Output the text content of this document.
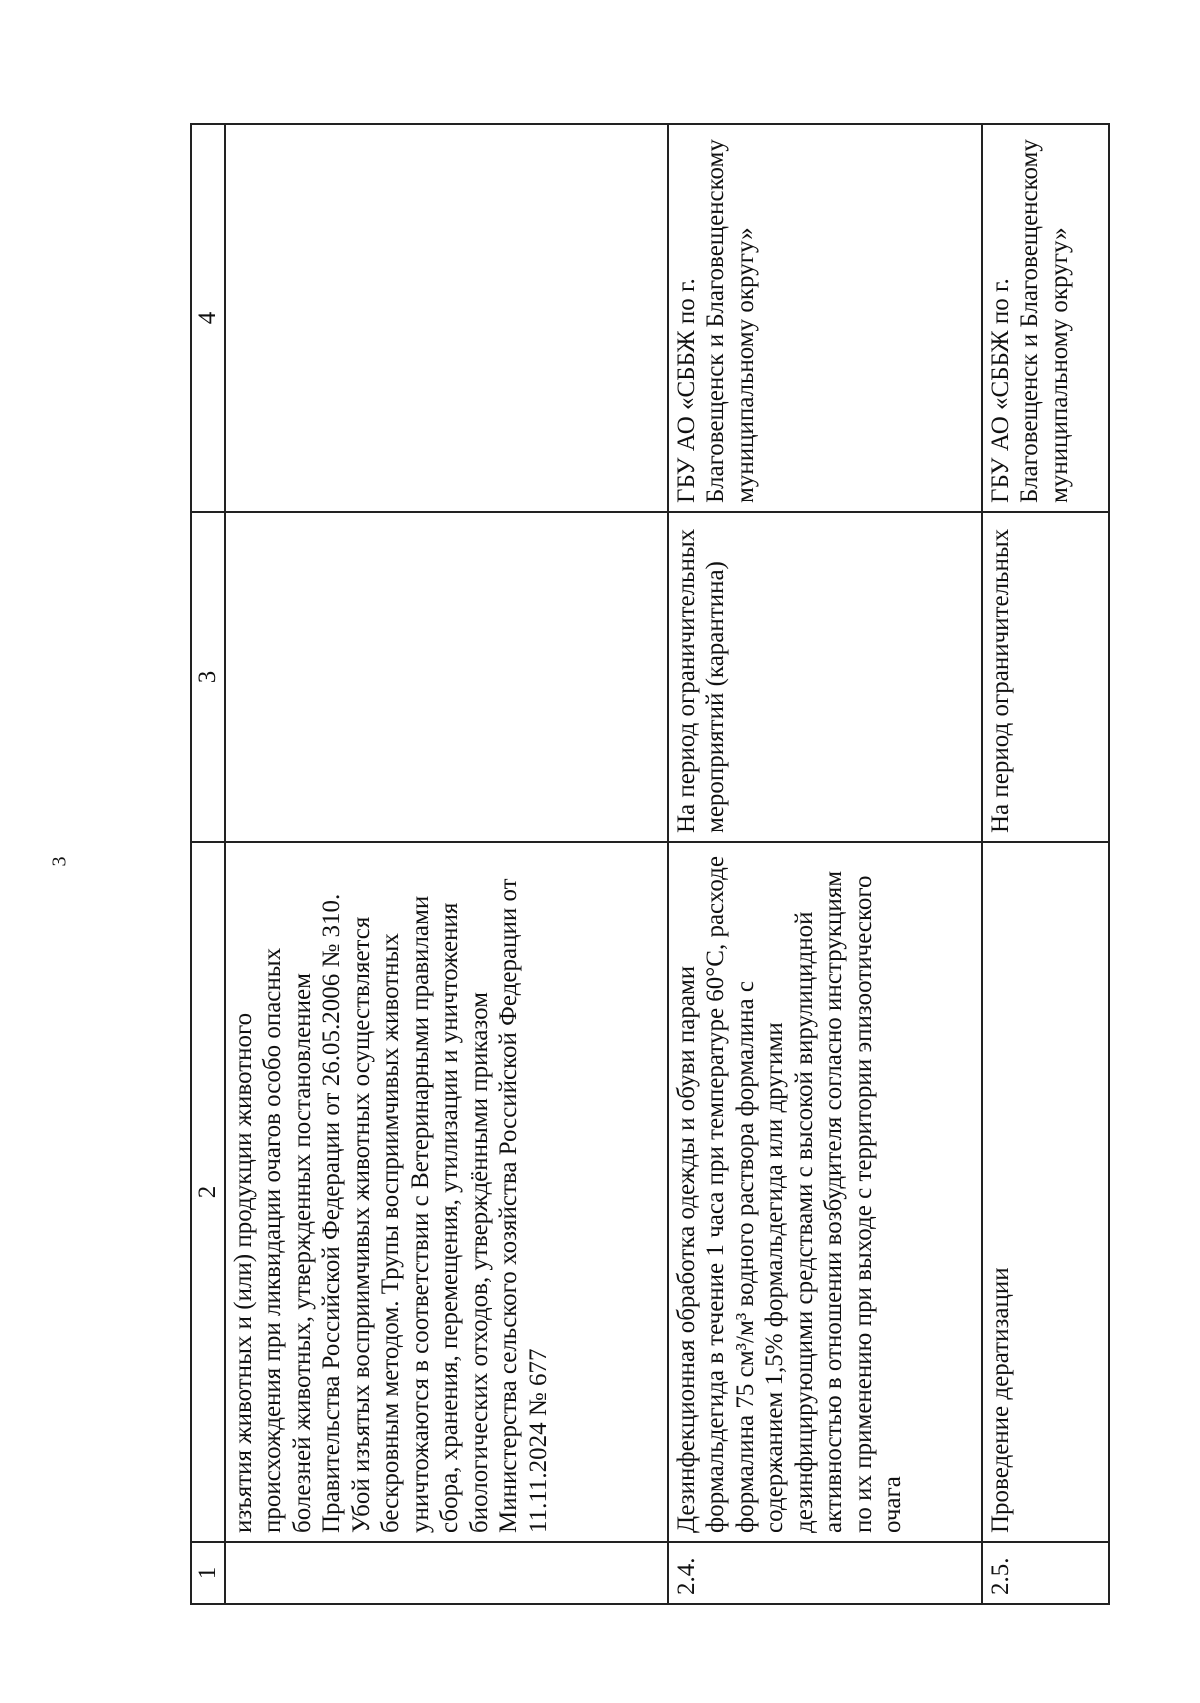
3
1	2	3	4
	изъятия животных и (или) продукции животного происхождения при ликвидации очагов особо опасных болезней животных, утвержденных постановлением Правительства Российской Федерации от 26.05.2006 № 310. Убой изъятых восприимчивых животных осуществляется бескровным методом. Трупы восприимчивых животных уничтожаются в соответствии с Ветеринарными правилами сбора, хранения, перемещения, утилизации и уничтожения биологических отходов, утверждёнными приказом Министерства сельского хозяйства Российской Федерации от 11.11.2024 № 677		
2.4.	Дезинфекционная обработка одежды и обуви парами формальдегида в течение 1 часа при температуре 60°С, расходе формалина 75 см³/м³ водного раствора формалина с содержанием 1,5% формальдегида или другими дезинфицирующими средствами с высокой вирулицидной активностью в отношении возбудителя согласно инструкциям по их применению при выходе с территории эпизоотического очага	На период ограничительных мероприятий (карантина)	ГБУ АО «СББЖ по г. Благовещенск и Благовещенскому муниципальному округу»
2.5.	Проведение дератизации	На период ограничительных	ГБУ АО «СББЖ по г. Благовещенск и Благовещенскому муниципальному округу»
